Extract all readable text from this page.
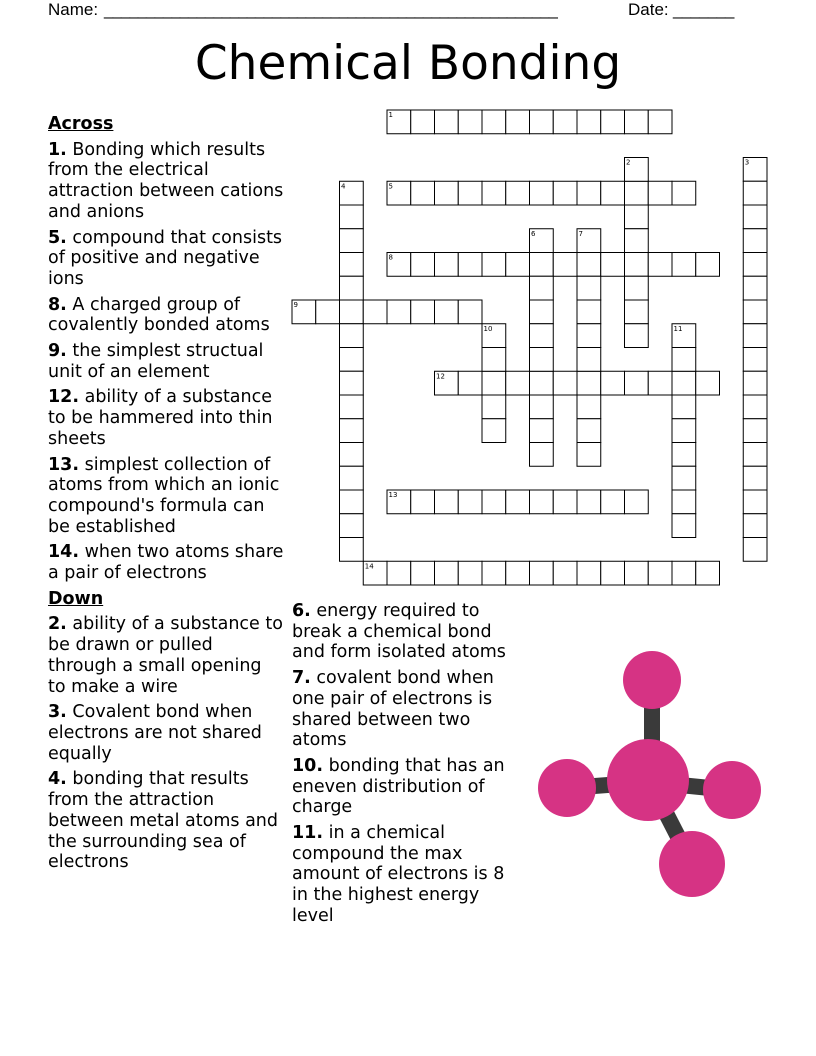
Name: ______________________________________________________	Date: _______
Chemical Bonding
Across
1. Bonding which results from the electrical attraction between cations and anions
5. compound that consists of positive and negative ions
8. A charged group of covalently bonded atoms
9. the simplest structual unit of an element
12. ability of a substance to be hammered into thin sheets
13. simplest collection of atoms from which an ionic compound's formula can be established
14. when two atoms share a pair of electrons
Down
2. ability of a substance to be drawn or pulled through a small opening to make a wire
3. Covalent bond when electrons are not shared equally
4. bonding that results from the attraction between metal atoms and the surrounding sea of electrons
6. energy required to break a chemical bond and form isolated atoms
7. covalent bond when one pair of electrons is shared between two atoms
10. bonding that has an eneven distribution of charge
11. in a chemical compound the max amount of electrons is 8 in the highest energy level
1
5
8
9
12
13
14
2	3
4
6	7
10	11
